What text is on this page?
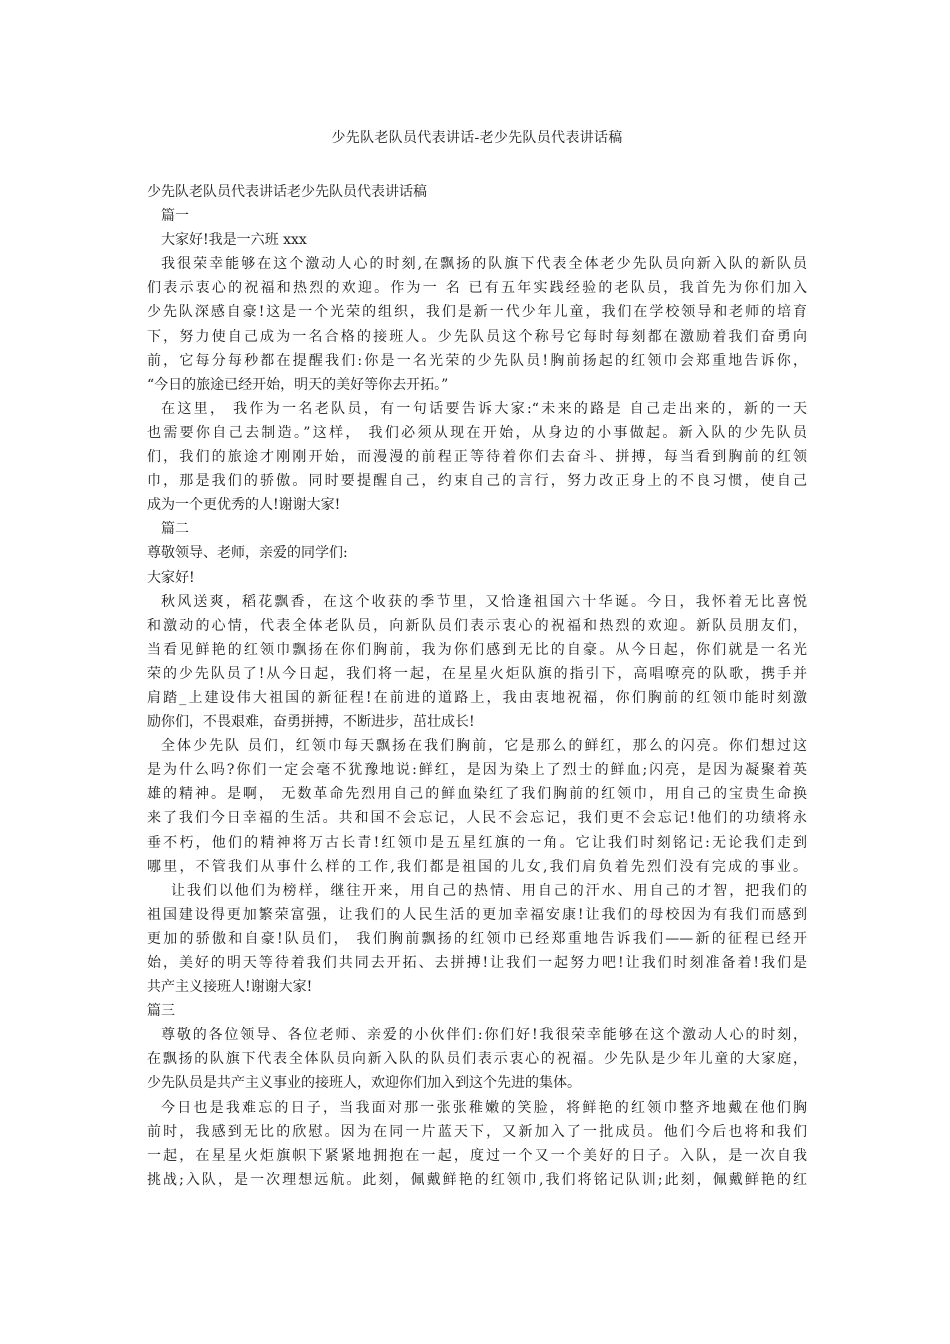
少先队老队员代表讲话-老少先队员代表讲话稿

少先队老队员代表讲话老少先队员代表讲话稿

篇一

大家好!我是一六班 xxx

我很荣幸能够在这个激动人心的时刻,在飘扬的队旗下代表全体老少先队员向新入队的新队员

们表示衷心的祝福和热烈的欢迎。作为一 名 已有五年实践经验的老队员，我首先为你们加入

少先队深感自豪!这是一个光荣的组织，我们是新一代少年儿童，我们在学校领导和老师的培育

下，努力使自己成为一名合格的接班人。少先队员这个称号它每时每刻都在激励着我们奋勇向

前，它每分每秒都在提醒我们:你是一名光荣的少先队员!胸前扬起的红领巾会郑重地告诉你，

“今日的旅途已经开始，明天的美好等你去开拓。”

在这里， 我作为一名老队员，有一句话要告诉大家:“未来的路是 自己走出来的，新的一天

也需要你自己去制造。”这样， 我们必须从现在开始，从身边的小事做起。新入队的少先队员

们，我们的旅途才刚刚开始，而漫漫的前程正等待着你们去奋斗、拼搏，每当看到胸前的红领

巾，那是我们的骄傲。同时要提醒自己，约束自己的言行，努力改正身上的不良习惯，使自己

成为一个更优秀的人!谢谢大家!

篇二

尊敬领导、老师，亲爱的同学们:

大家好!

秋风送爽，稻花飘香，在这个收获的季节里，又恰逢祖国六十华诞。今日，我怀着无比喜悦

和激动的心情，代表全体老队员，向新队员们表示衷心的祝福和热烈的欢迎。新队员朋友们，

当看见鲜艳的红领巾飘扬在你们胸前，我为你们感到无比的自豪。从今日起，你们就是一名光

荣的少先队员了!从今日起，我们将一起，在星星火炬队旗的指引下，高唱嘹亮的队歌，携手并

肩踏_上建设伟大祖国的新征程!在前进的道路上，我由衷地祝福，你们胸前的红领巾能时刻激

励你们，不畏艰难，奋勇拼搏，不断进步，茁壮成长!

全体少先队 员们，红领巾每天飘扬在我们胸前，它是那么的鲜红，那么的闪亮。你们想过这

是为什么吗?你们一定会毫不犹豫地说:鲜红，是因为染上了烈士的鲜血;闪亮，是因为凝聚着英

雄的精神。是啊， 无数革命先烈用自己的鲜血染红了我们胸前的红领巾，用自己的宝贵生命换

来了我们今日幸福的生活。共和国不会忘记，人民不会忘记，我们更不会忘记!他们的功绩将永

垂不朽，他们的精神将万古长青!红领巾是五星红旗的一角。它让我们时刻铭记:无论我们走到

哪里，不管我们从事什么样的工作,我们都是祖国的儿女,我们肩负着先烈们没有完成的事业。

让我们以他们为榜样，继往开来，用自己的热情、用自己的汗水、用自己的才智，把我们的

祖国建设得更加繁荣富强，让我们的人民生活的更加幸福安康!让我们的母校因为有我们而感到

更加的骄傲和自豪!队员们， 我们胸前飘扬的红领巾已经郑重地告诉我们——新的征程已经开

始，美好的明天等待着我们共同去开拓、去拼搏!让我们一起努力吧!让我们时刻准备着!我们是

共产主义接班人!谢谢大家!

篇三

尊敬的各位领导、各位老师、亲爱的小伙伴们:你们好!我很荣幸能够在这个激动人心的时刻，

在飘扬的队旗下代表全体队员向新入队的队员们表示衷心的祝福。少先队是少年儿童的大家庭，

少先队员是共产主义事业的接班人，欢迎你们加入到这个先进的集体。

今日也是我难忘的日子，当我面对那一张张稚嫩的笑脸，将鲜艳的红领巾整齐地戴在他们胸

前时，我感到无比的欣慰。因为在同一片蓝天下，又新加入了一批成员。他们今后也将和我们

一起，在星星火炬旗帜下紧紧地拥抱在一起，度过一个又一个美好的日子。入队，是一次自我

挑战;入队，是一次理想远航。此刻，佩戴鲜艳的红领巾,我们将铭记队训;此刻，佩戴鲜艳的红
